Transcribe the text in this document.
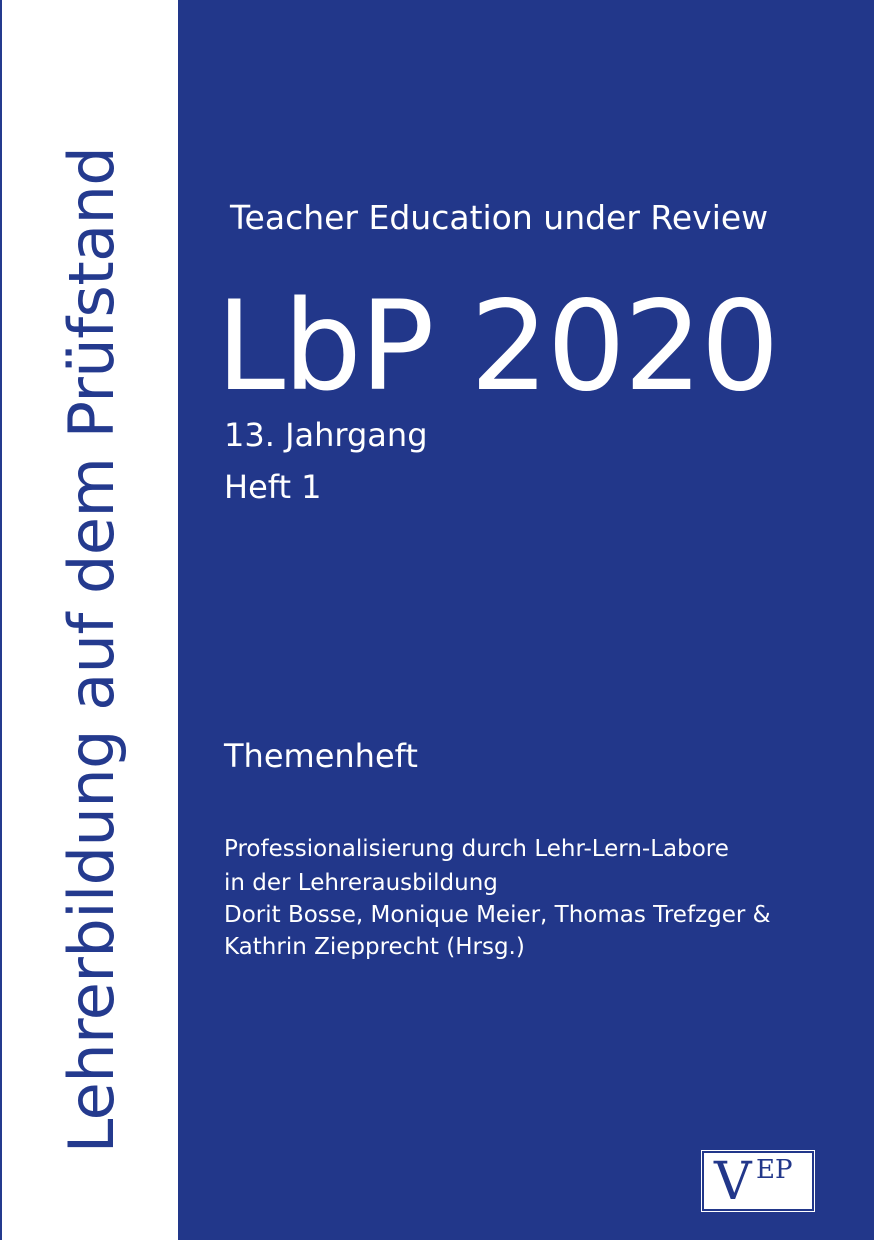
Lehrerbildung auf dem Prüfstand	Teacher Education under Review
LbP 2020
13. Jahrgang
Heft 1
Themenheft
Professionalisierung durch Lehr-Lern-Labore
in der Lehrerausbildung
Dorit Bosse, Monique Meier, Thomas Trefzger &
Kathrin Ziepprecht (Hrsg.)
V EP
